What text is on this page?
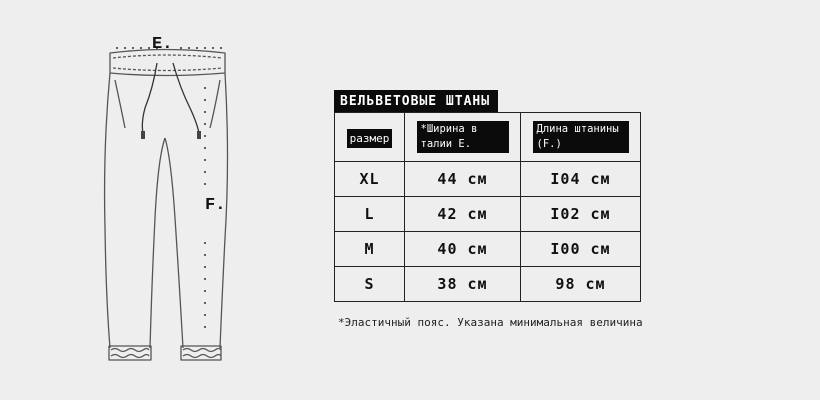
E.
F.
ВЕЛЬВЕТОВЫЕ ШТАНЫ
размер	*Ширина в талии Е.	Длина штанины (F.)
XL	44 см	I04 см
L	42 см	I02 см
M	40 см	I00 см
S	38 см	98 см
*Эластичный пояс. Указана минимальная величина
